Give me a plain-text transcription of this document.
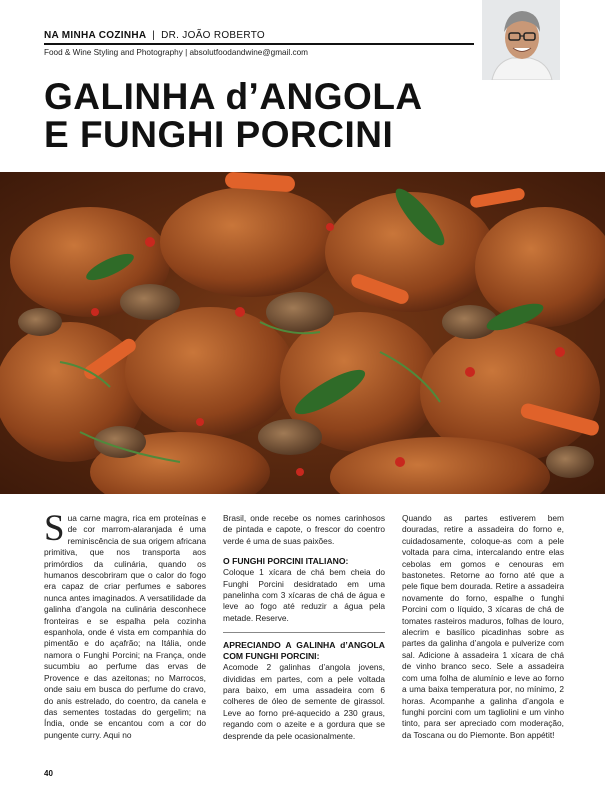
NA MINHA COZINHA | DR. JOÃO ROBERTO
Food & Wine Styling and Photography | absolutfoodandwine@gmail.com
GALINHA d’ANGOLA
E FUNGHI PORCINI
S ua carne magra, rica em proteínas e de cor marrom-alaranjada é uma reminiscência de sua origem africana primitiva, que nos transporta aos primórdios da culinária, quando os humanos descobriram que o calor do fogo era capaz de criar perfumes e sabores nunca antes imaginados. A versatilidade da galinha d’angola na culinária desconhece fronteiras e se espalha pela cozinha espanhola, onde é vista em companhia do pimentão e do açafrão; na Itália, onde namora o Funghi Porcini; na França, onde sucumbiu ao perfume das ervas de Provence e das azeitonas; no Marrocos, onde saiu em busca do perfume do cravo, do anis estrelado, do coentro, da canela e das sementes tostadas do gergelim; na Índia, onde se encantou com a cor do pungente curry. Aqui no

Brasil, onde recebe os nomes carinhosos de pintada e capote, o frescor do coentro verde é uma de suas paixões.

O FUNGHI PORCINI ITALIANO:

Coloque 1 xícara de chá bem cheia do Funghi Porcini desidratado em uma panelinha com 3 xícaras de chá de água e leve ao fogo até reduzir a água pela metade. Reserve.

APRECIANDO A GALINHA d’ANGOLA COM FUNGHI PORCINI:

Acomode 2 galinhas d’angola jovens, divididas em partes, com a pele voltada para baixo, em uma assadeira com 6 colheres de óleo de semente de girassol. Leve ao forno pré-aquecido a 230 graus, regando com o azeite e a gordura que se desprende da pele ocasionalmente.

Quando as partes estiverem bem douradas, retire a assadeira do forno e, cuidadosamente, coloque-as com a pele voltada para cima, intercalando entre elas cebolas em gomos e cenouras em bastonetes. Retorne ao forno até que a pele fique bem dourada. Retire a assadeira novamente do forno, espalhe o funghi Porcini com o líquido, 3 xícaras de chá de tomates rasteiros maduros, folhas de louro, alecrim e basílico picadinhas sobre as partes da galinha d’angola e pulverize com sal. Adicione à assadeira 1 xícara de chá de vinho branco seco. Sele a assadeira com uma folha de alumínio e leve ao forno a uma baixa temperatura por, no mínimo, 2 horas. Acompanhe a galinha d’angola e funghi porcini com um tagliolini e um vinho tinto, para ser apreciado com moderação, da Toscana ou do Piemonte. Bon appétit!

40
